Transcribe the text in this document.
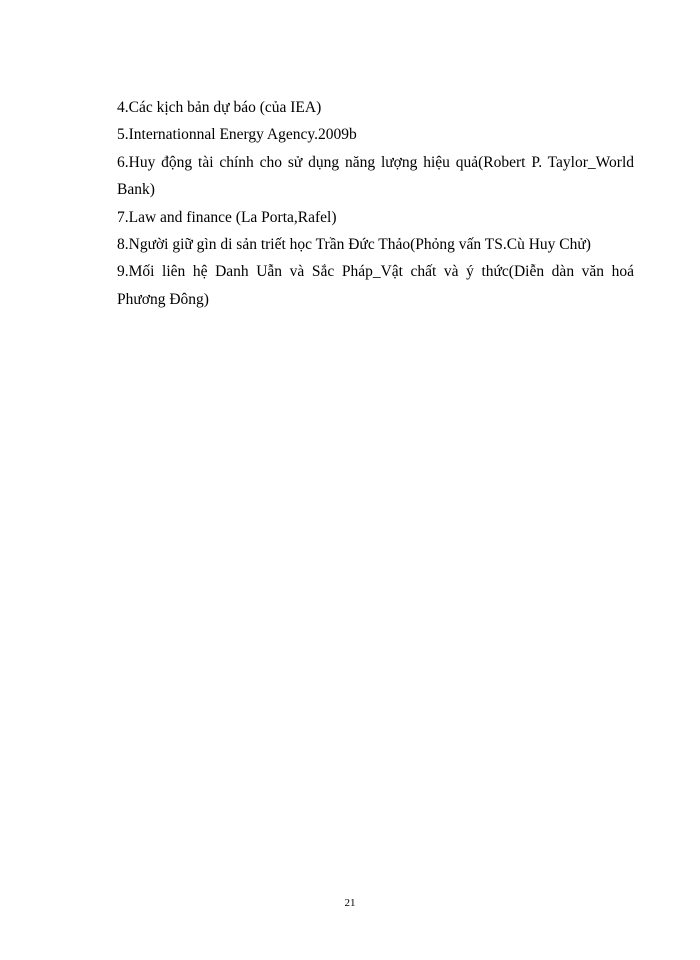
4.Các kịch bản dự báo (của IEA)
5.Internationnal Energy Agency.2009b
6.Huy động tài chính cho sử dụng năng lượng hiệu quả(Robert P. Taylor_World Bank)
7.Law and finance (La Porta,Rafel)
8.Người giữ gìn di sản triết học Trần Đức Thảo(Phỏng vấn TS.Cù Huy Chử)
9.Mối liên hệ Danh Uẫn và Sắc Pháp_Vật chất và ý thức(Diễn dàn văn hoá Phương Đông)
21
